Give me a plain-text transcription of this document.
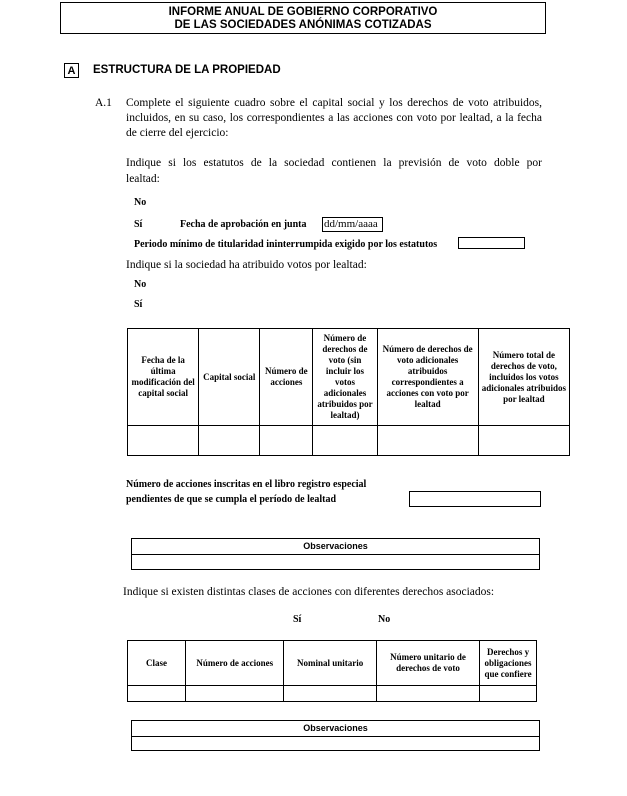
INFORME ANUAL DE GOBIERNO CORPORATIVO
DE LAS SOCIEDADES ANÓNIMAS COTIZADAS
A	ESTRUCTURA DE LA PROPIEDAD
A.1 Complete el siguiente cuadro sobre el capital social y los derechos de voto atribuidos, incluidos, en su caso, los correspondientes a las acciones con voto por lealtad, a la fecha de cierre del ejercicio:
Indique si los estatutos de la sociedad contienen la previsión de voto doble por lealtad:
No
Sí	Fecha de aprobación en junta dd/mm/aaaa
Periodo mínimo de titularidad ininterrumpida exigido por los estatutos
Indique si la sociedad ha atribuido votos por lealtad:
No
Sí
Fecha de la última modificación del capital social	Capital social	Número de acciones	Número de derechos de voto (sin incluir los votos adicionales atribuidos por lealtad)	Número de derechos de voto adicionales atribuidos correspondientes a acciones con voto por lealtad	Número total de derechos de voto, incluidos los votos adicionales atribuidos por lealtad

Número de acciones inscritas en el libro registro especial
pendientes de que se cumpla el período de lealtad
Observaciones

Indique si existen distintas clases de acciones con diferentes derechos asociados:
Sí	No
Clase	Número de acciones	Nominal unitario	Número unitario de derechos de voto	Derechos y obligaciones que confiere

Observaciones
